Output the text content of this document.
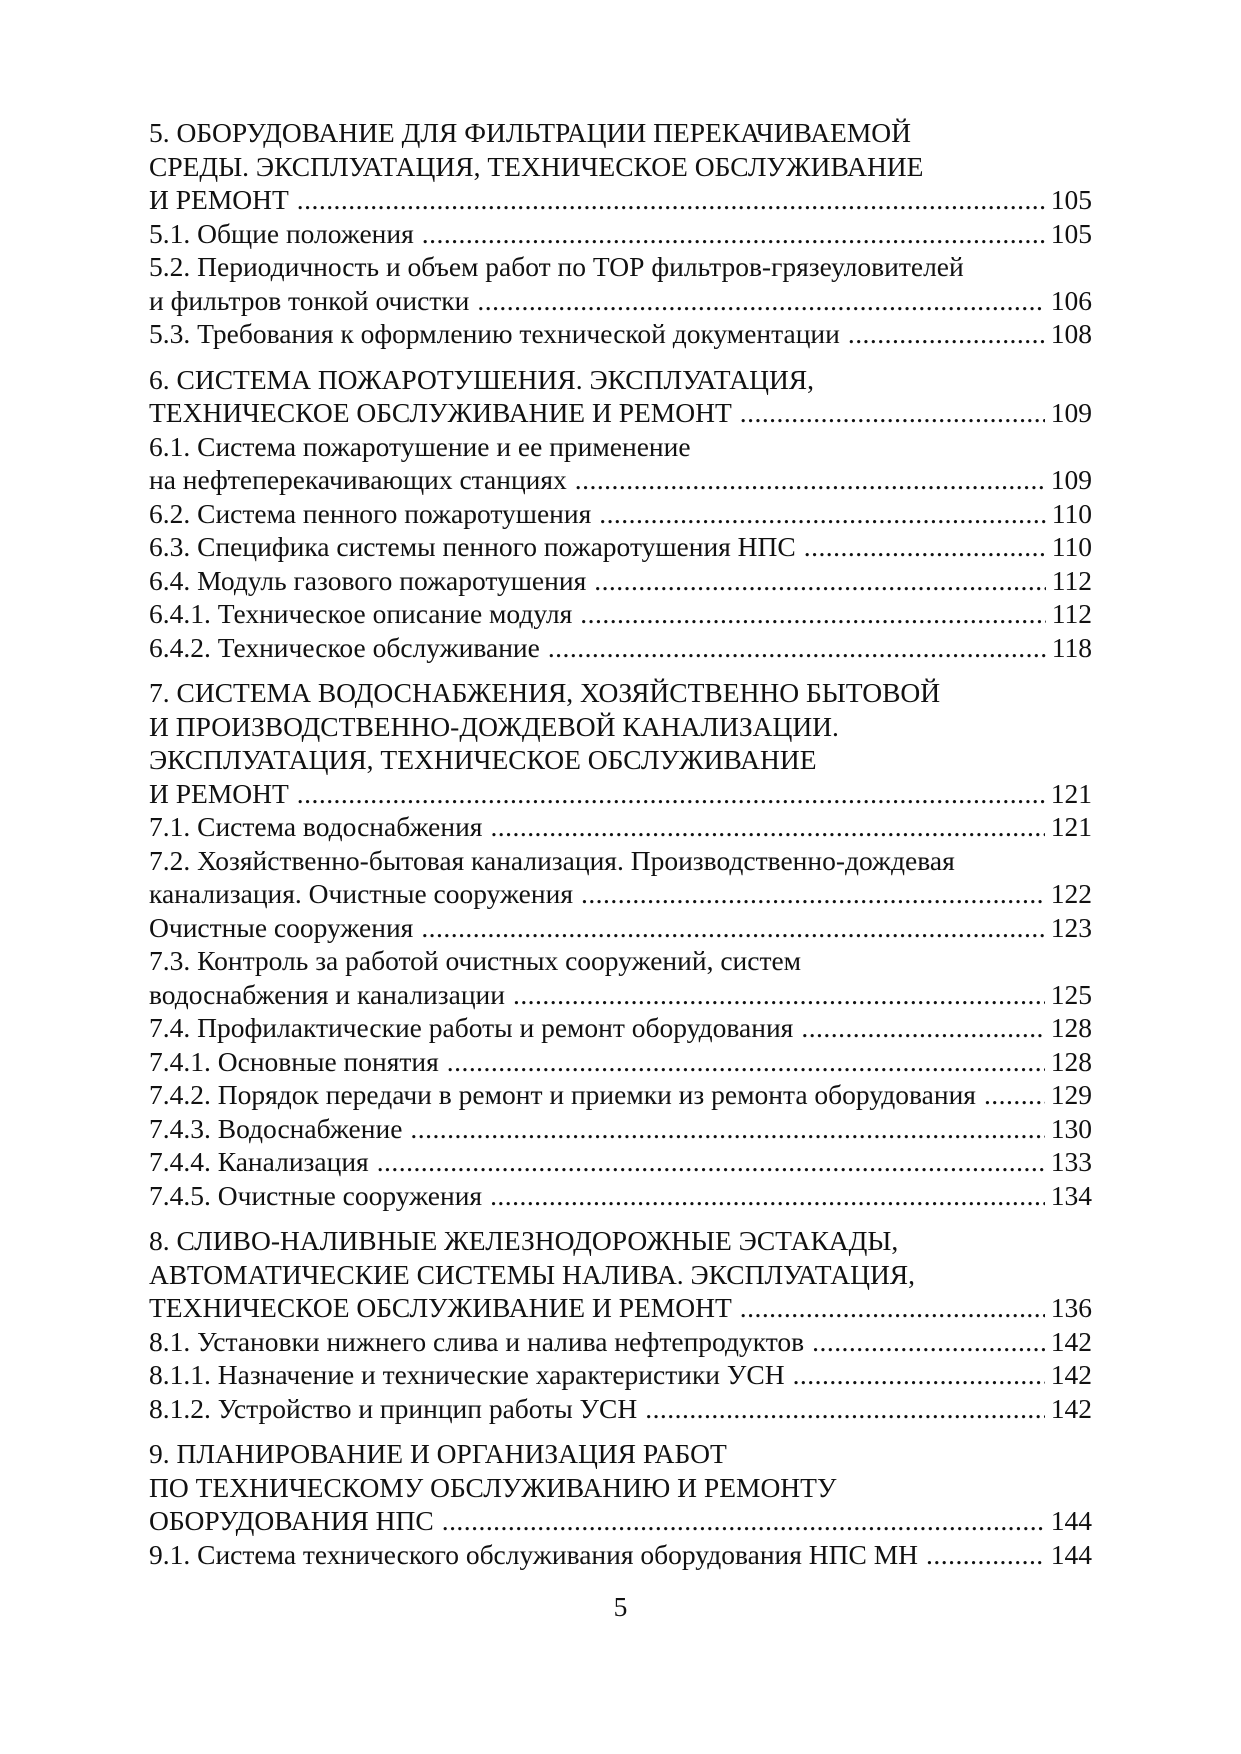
5. ОБОРУДОВАНИЕ ДЛЯ ФИЛЬТРАЦИИ ПЕРЕКАЧИВАЕМОЙ
СРЕДЫ. ЭКСПЛУАТАЦИЯ, ТЕХНИЧЕСКОЕ ОБСЛУЖИВАНИЕ
И РЕМОНТ . . .	105
5.1. Общие положения . . .	105
5.2. Периодичность и объем работ по ТОР фильтров-грязеуловителей
и фильтров тонкой очистки . . .	106
5.3. Требования к оформлению технической документации . . .	108
6. СИСТЕМА ПОЖАРОТУШЕНИЯ. ЭКСПЛУАТАЦИЯ,
ТЕХНИЧЕСКОЕ ОБСЛУЖИВАНИЕ И РЕМОНТ . . .	109
6.1. Система пожаротушение и ее применение
на нефтеперекачивающих станциях . . .	109
6.2. Система пенного пожаротушения . . .	110
6.3. Специфика системы пенного пожаротушения НПС . . .	110
6.4. Модуль газового пожаротушения . . .	112
6.4.1. Техническое описание модуля . . .	112
6.4.2. Техническое обслуживание . . .	118
7. СИСТЕМА ВОДОСНАБЖЕНИЯ, ХОЗЯЙСТВЕННО БЫТОВОЙ
И ПРОИЗВОДСТВЕННО-ДОЖДЕВОЙ КАНАЛИЗАЦИИ.
ЭКСПЛУАТАЦИЯ, ТЕХНИЧЕСКОЕ ОБСЛУЖИВАНИЕ
И РЕМОНТ . . .	121
7.1. Система водоснабжения . . .	121
7.2. Хозяйственно-бытовая канализация. Производственно-дождевая
канализация. Очистные сооружения . . .	122
Очистные сооружения . . .	123
7.3. Контроль за работой очистных сооружений, систем
водоснабжения и канализации . . .	125
7.4. Профилактические работы и ремонт оборудования . . .	128
7.4.1. Основные понятия . . .	128
7.4.2. Порядок передачи в ремонт и приемки из ремонта оборудования . . .	129
7.4.3. Водоснабжение . . .	130
7.4.4. Канализация . . .	133
7.4.5. Очистные сооружения . . .	134
8. СЛИВО-НАЛИВНЫЕ ЖЕЛЕЗНОДОРОЖНЫЕ ЭСТАКАДЫ,
АВТОМАТИЧЕСКИЕ СИСТЕМЫ НАЛИВА. ЭКСПЛУАТАЦИЯ,
ТЕХНИЧЕСКОЕ ОБСЛУЖИВАНИЕ И РЕМОНТ . . .	136
8.1. Установки нижнего слива и налива нефтепродуктов . . .	142
8.1.1. Назначение и технические характеристики УСН . . .	142
8.1.2. Устройство и принцип работы УСН . . .	142
9. ПЛАНИРОВАНИЕ И ОРГАНИЗАЦИЯ РАБОТ
ПО ТЕХНИЧЕСКОМУ ОБСЛУЖИВАНИЮ И РЕМОНТУ
ОБОРУДОВАНИЯ НПС . . .	144
9.1. Система технического обслуживания оборудования НПС МН . . .	144
5
